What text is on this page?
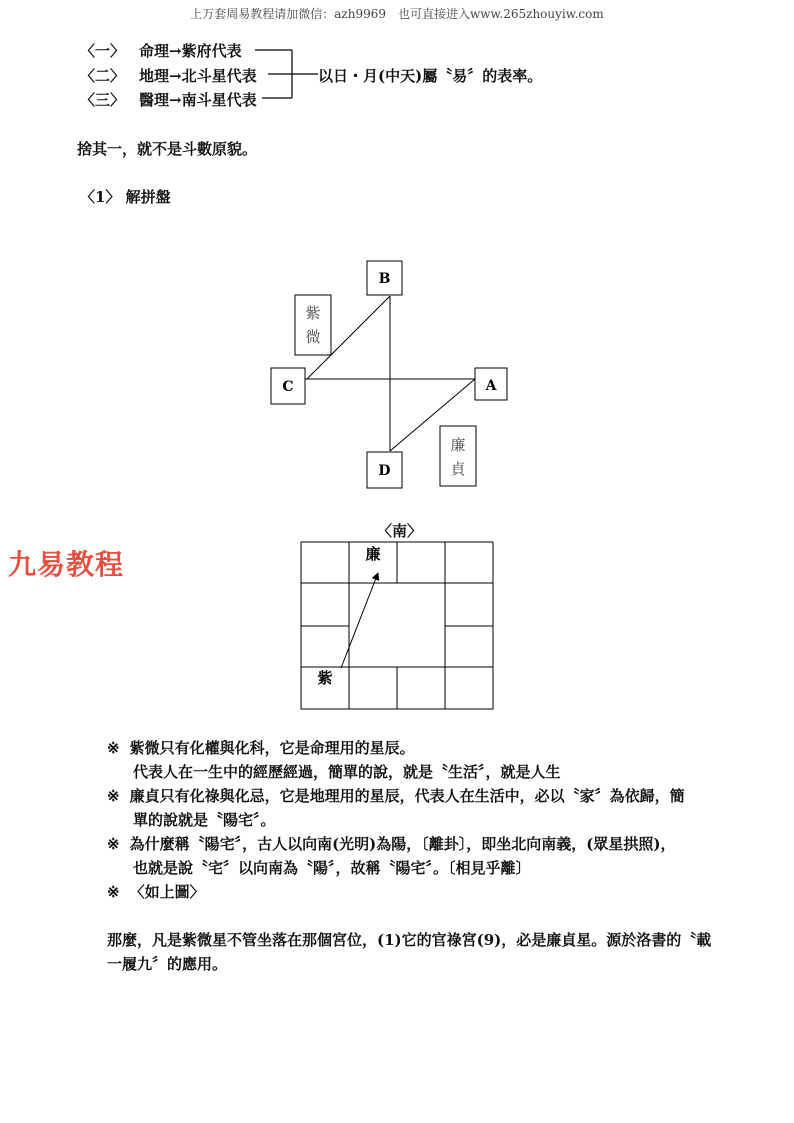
上万套周易教程请加微信：azh9969　也可直接进入www.265zhouyiw.com
〈一〉 命理→紫府代表
〈二〉 地理→北斗星代表
〈三〉 醫理→南斗星代表
以日・月(中天)屬〝易〞的表率。
捨其一，就不是斗數原貌。
〈1〉 解拼盤
B
C	A
D
紫
微
廉
貞
九易教程
〈南〉
廉
紫
※ 紫微只有化權與化科，它是命理用的星辰。
代表人在一生中的經歷經過，簡單的說，就是〝生活〞，就是人生
※ 廉貞只有化祿與化忌，它是地理用的星辰，代表人在生活中，必以〝家〞為依歸，簡
單的說就是〝陽宅〞。
※ 為什麼稱〝陽宅〞，古人以向南(光明)為陽，〔離卦〕，即坐北向南義，(眾星拱照)，
也就是說〝宅〞以向南為〝陽〞，故稱〝陽宅〞。〔相見乎離〕
※ 〈如上圖〉
那麼，凡是紫微星不管坐落在那個宮位，(1)它的官祿宮(9)，必是廉貞星。源於洛書的〝載
一履九〞的應用。
